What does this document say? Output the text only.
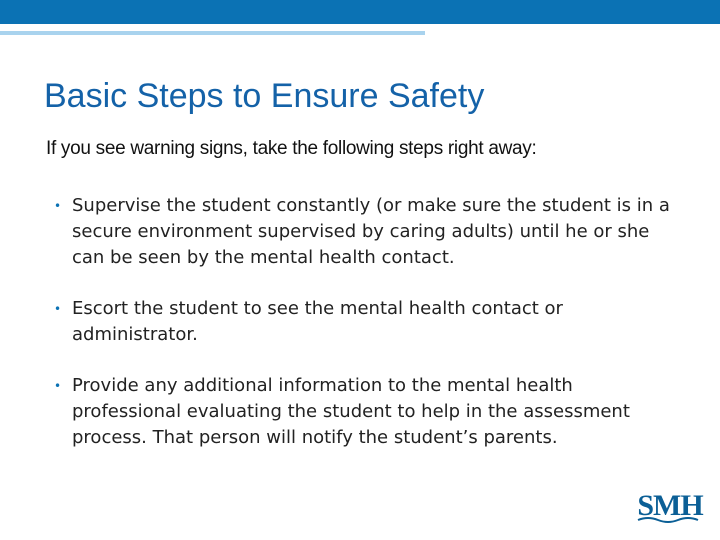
Basic Steps to Ensure Safety

If you see warning signs, take the following steps right away:

• Supervise the student constantly (or make sure the student is in a secure environment supervised by caring adults) until he or she can be seen by the mental health contact.
• Escort the student to see the mental health contact or administrator.
• Provide any additional information to the mental health professional evaluating the student to help in the assessment process. That person will notify the student’s parents.
SMH
